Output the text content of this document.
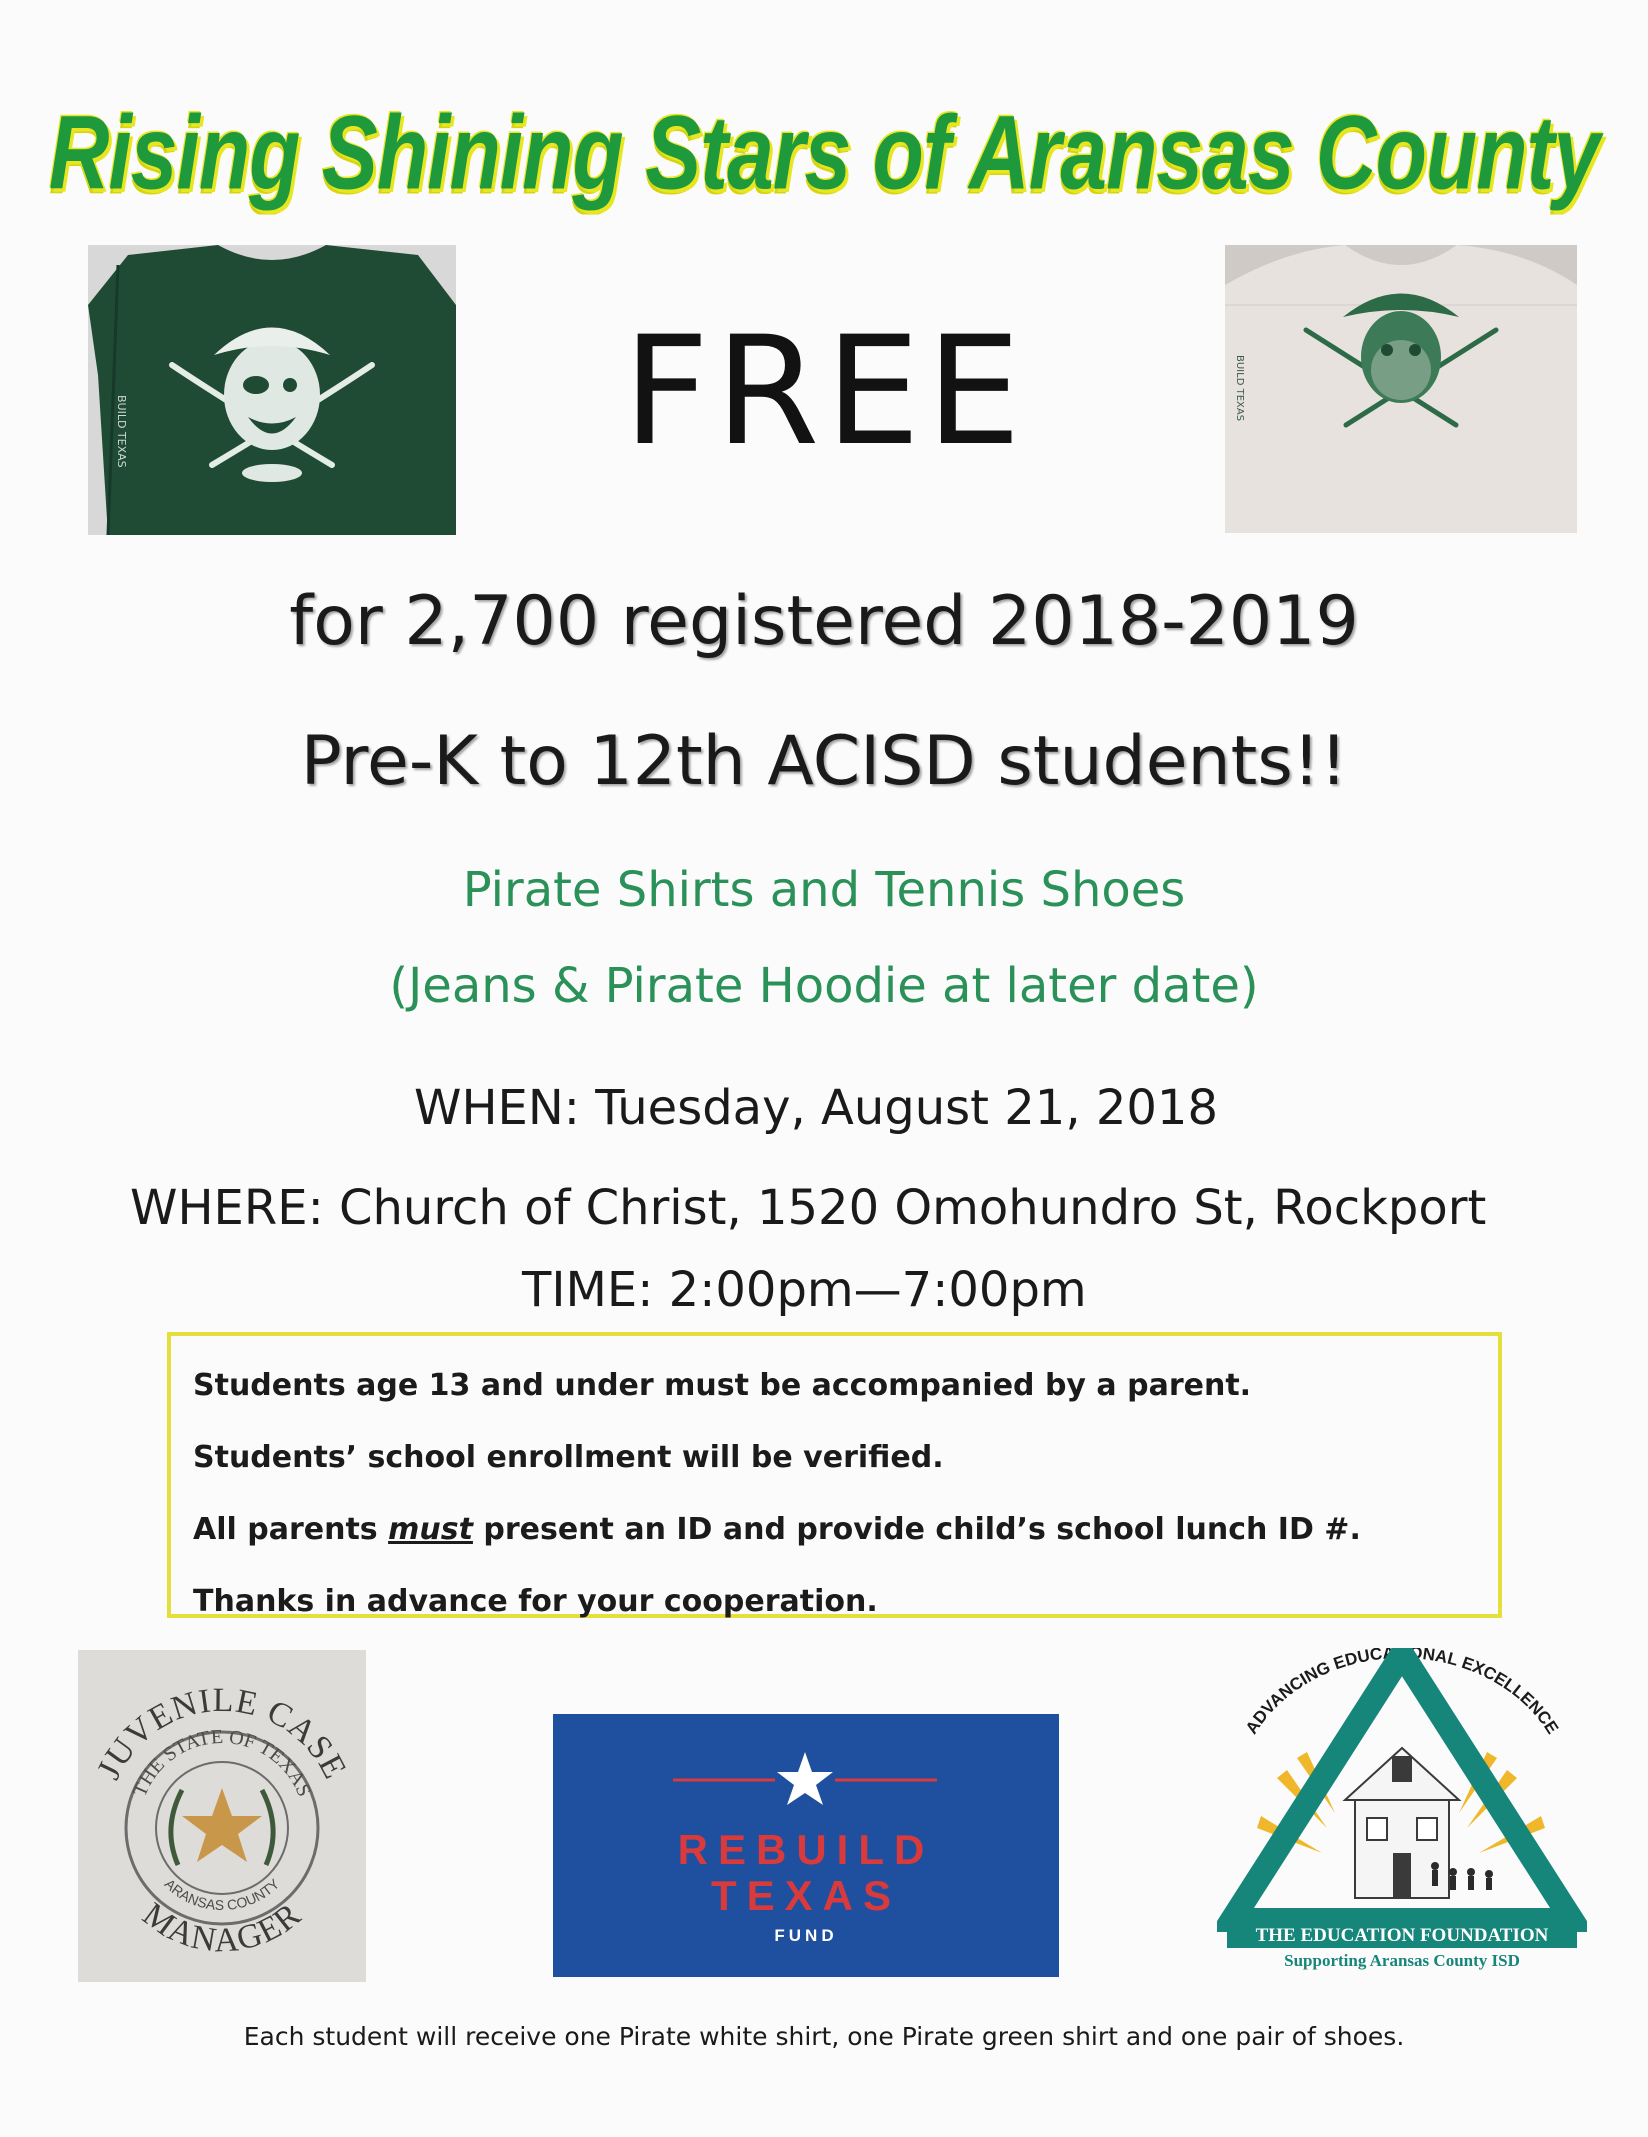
Rising Shining Stars of Aransas County
BUILD TEXAS	FREE	BUILD TEXAS
for 2,700 registered 2018-2019
Pre-K to 12th ACISD students!!
Pirate Shirts and Tennis Shoes
(Jeans & Pirate Hoodie at later date)
WHEN: Tuesday, August 21, 2018
WHERE: Church of Christ, 1520 Omohundro St, Rockport
TIME: 2:00pm—7:00pm

Students age 13 and under must be accompanied by a parent.

Students’ school enrollment will be verified.

All parents must present an ID and provide child’s school lunch ID #.

Thanks in advance for your cooperation.

JUVENILE CASE
MANAGER
THE STATE OF TEXAS
ARANSAS COUNTY
REBUILD
TEXAS
FUND
ADVANCING EDUCATIONAL EXCELLENCE
THE EDUCATION FOUNDATION
Supporting Aransas County ISD
Each student will receive one Pirate white shirt, one Pirate green shirt and one pair of shoes.
